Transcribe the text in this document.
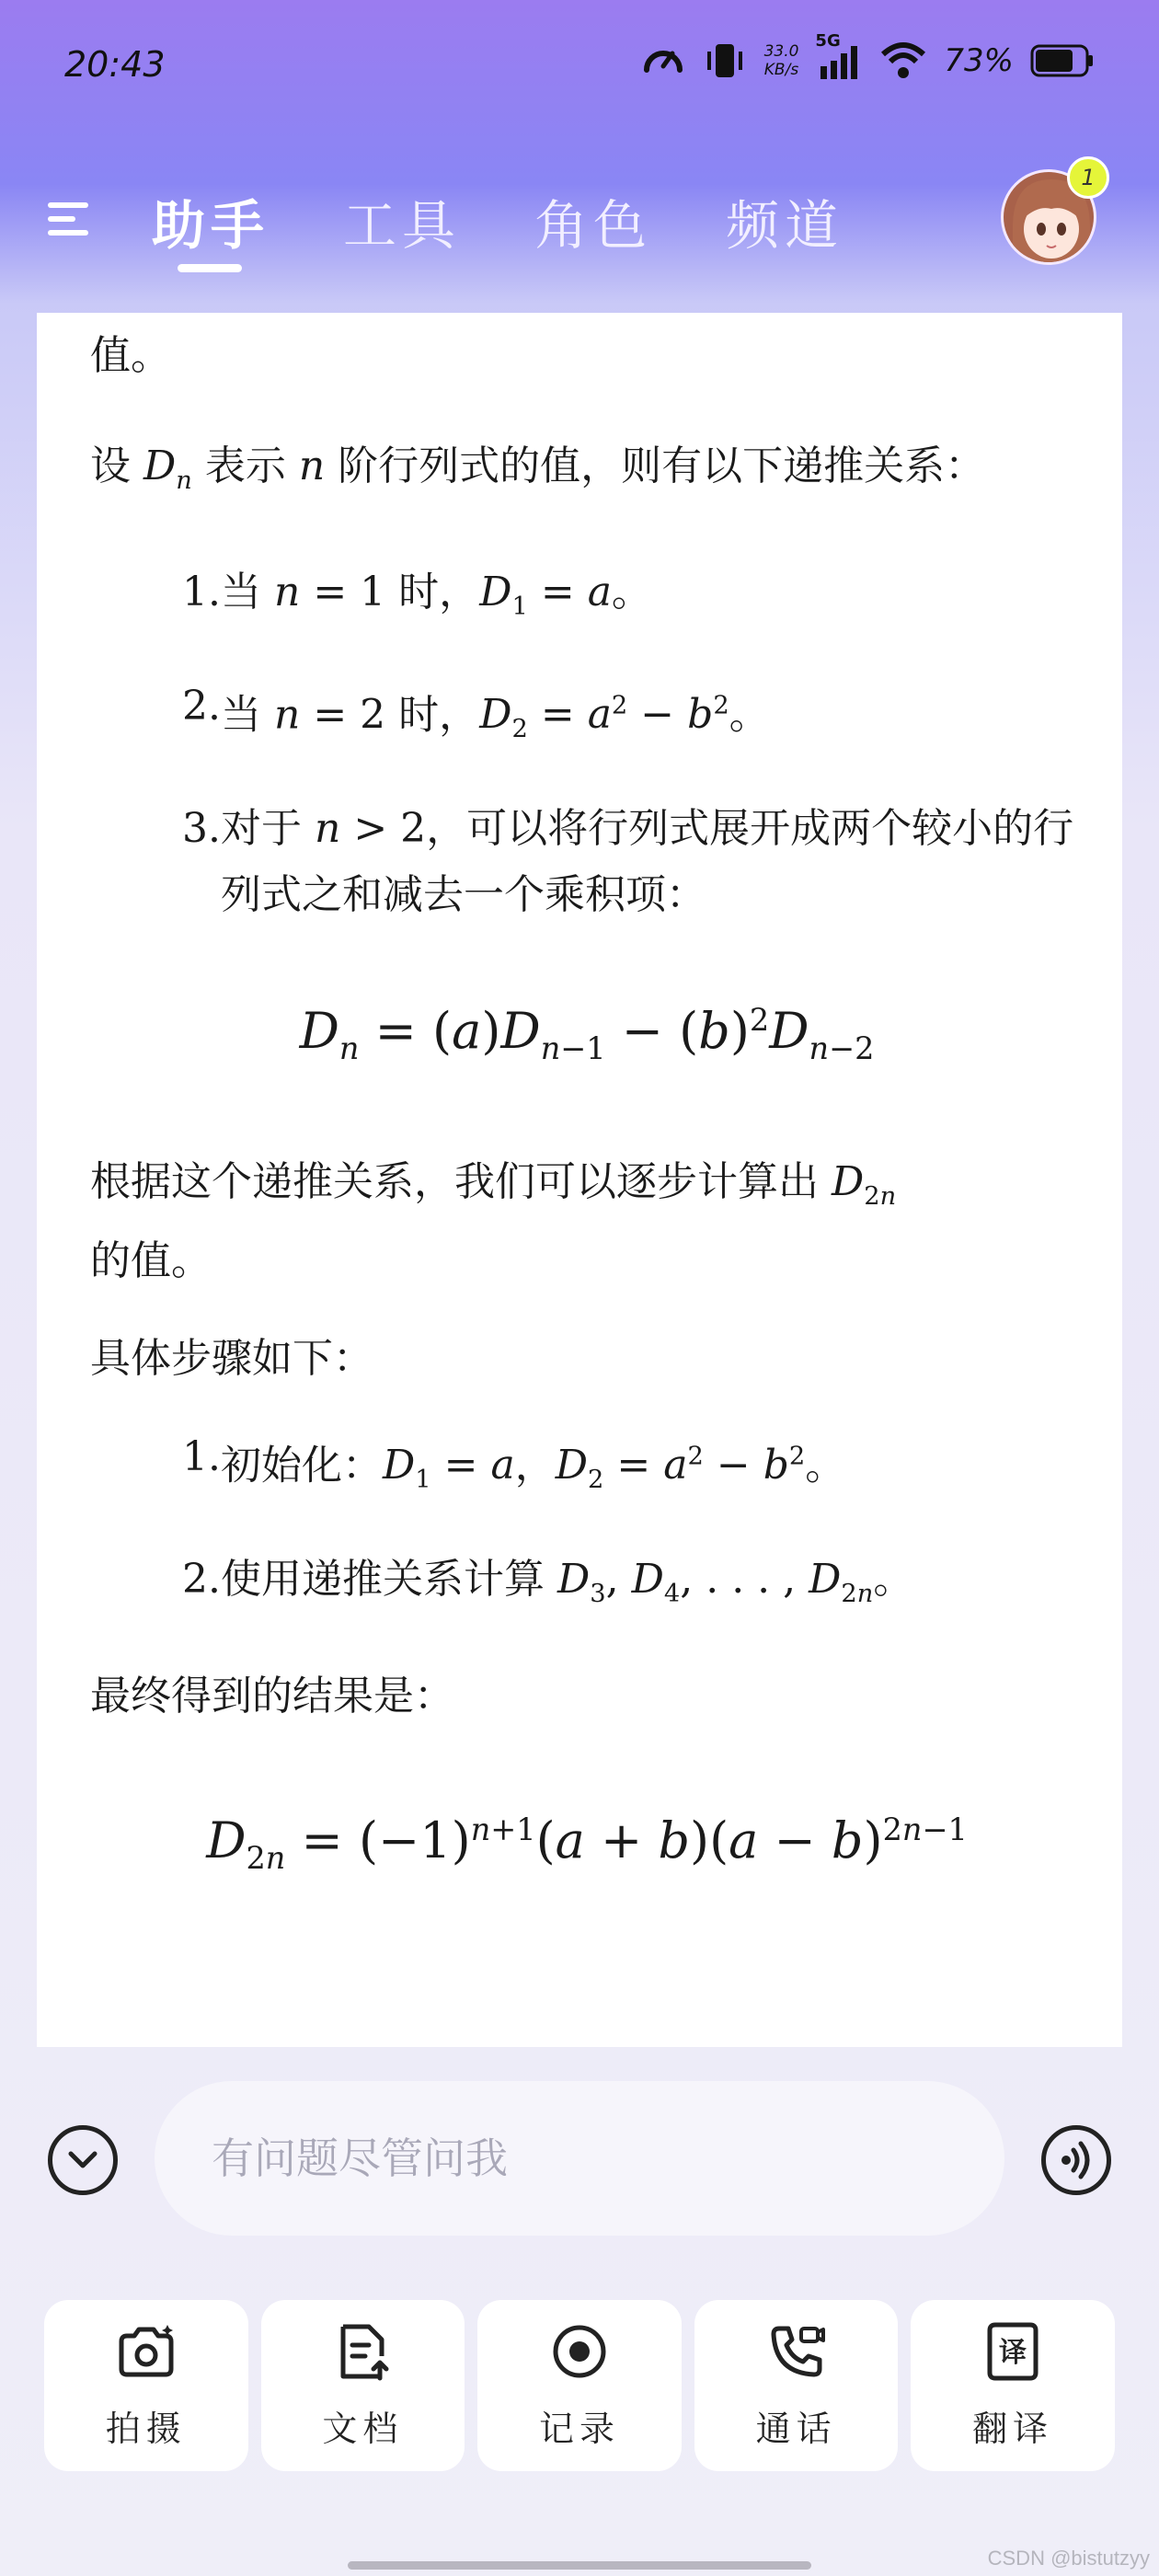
20:43	33.0
KB/s
5G
73%
助手 工具 角色 频道
1

值。
设 $D_n$ 表示 n 阶行列式的值，则有以下递推关系：
1. 当 n = 1 时，$D_1 = a$。
2. 当 n = 2 时，$D_2 = a^2 - b^2$。
3. 对于 n > 2，可以将行列式展开成两个较小的行列式之和减去一个乘积项：
$D_n = (a)D_{n-1} - (b)^2D_{n-2}$
根据这个递推关系，我们可以逐步计算出 $D_{2n}$
的值。
具体步骤如下：
1. 初始化：$D_1 = a$，$D_2 = a^2 - b^2$。
2. 使用递推关系计算 $D_3$, $D_4$, . . . , $D_{2n}$。
最终得到的结果是：
$D_{2n} = (-1)^{n+1}(a + b)(a - b)^{2n-1}$
有问题尽管问我
拍摄	文档	记录	通话
译
翻译
CSDN @bistutzyy
